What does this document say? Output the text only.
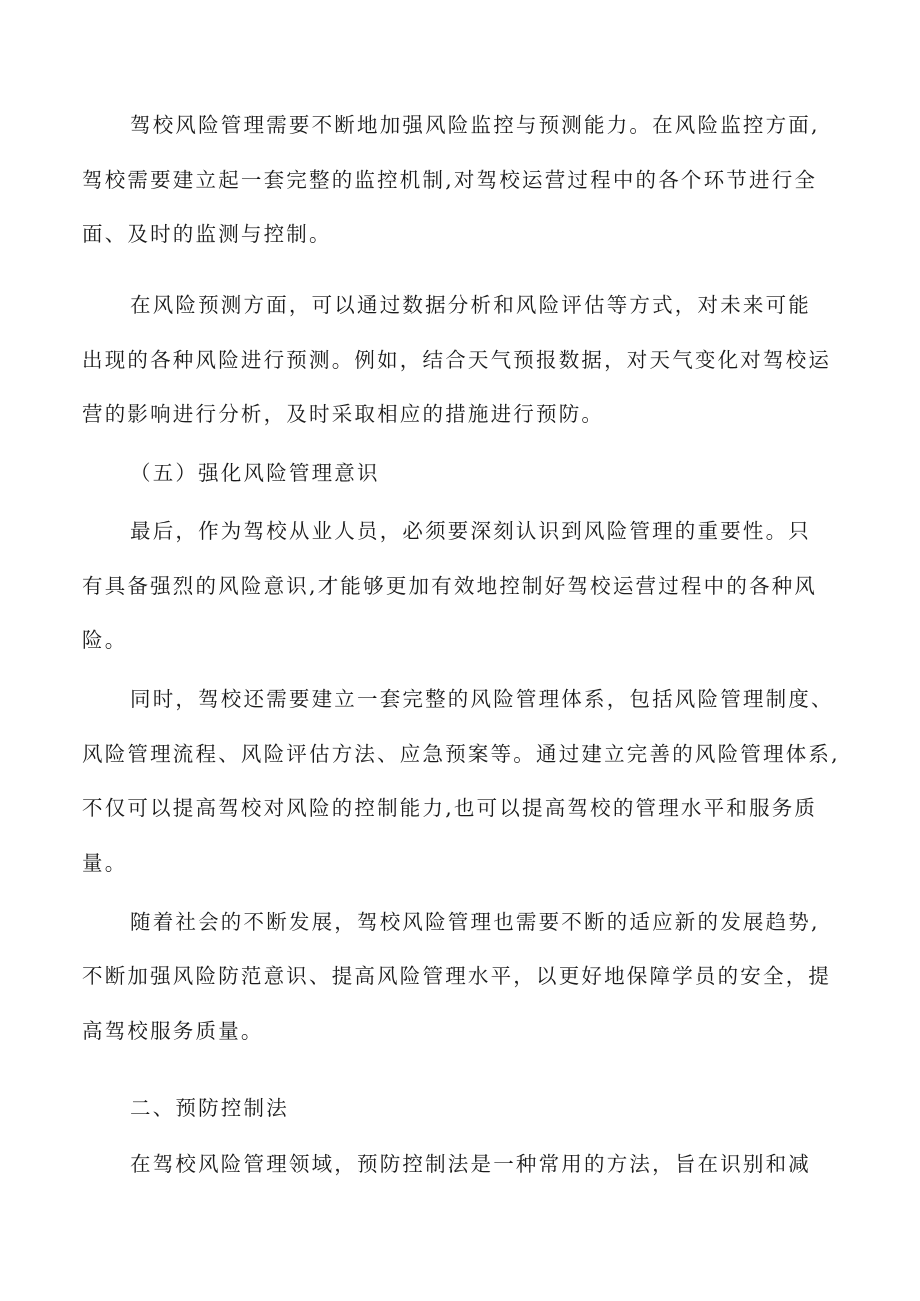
驾校风险管理需要不断地加强风险监控与预测能力。在风险监控方面,
驾校需要建立起一套完整的监控机制,对驾校运营过程中的各个环节进行全
面、及时的监测与控制。
在风险预测方面，可以通过数据分析和风险评估等方式，对未来可能
出现的各种风险进行预测。例如，结合天气预报数据，对天气变化对驾校运
营的影响进行分析，及时采取相应的措施进行预防。
（五）强化风险管理意识
最后，作为驾校从业人员，必须要深刻认识到风险管理的重要性。只
有具备强烈的风险意识,才能够更加有效地控制好驾校运营过程中的各种风
险。
同时，驾校还需要建立一套完整的风险管理体系，包括风险管理制度、
风险管理流程、风险评估方法、应急预案等。通过建立完善的风险管理体系,
不仅可以提高驾校对风险的控制能力,也可以提高驾校的管理水平和服务质
量。
随着社会的不断发展，驾校风险管理也需要不断的适应新的发展趋势,
不断加强风险防范意识、提高风险管理水平，以更好地保障学员的安全，提
高驾校服务质量。
二、预防控制法
在驾校风险管理领域，预防控制法是一种常用的方法，旨在识别和减
